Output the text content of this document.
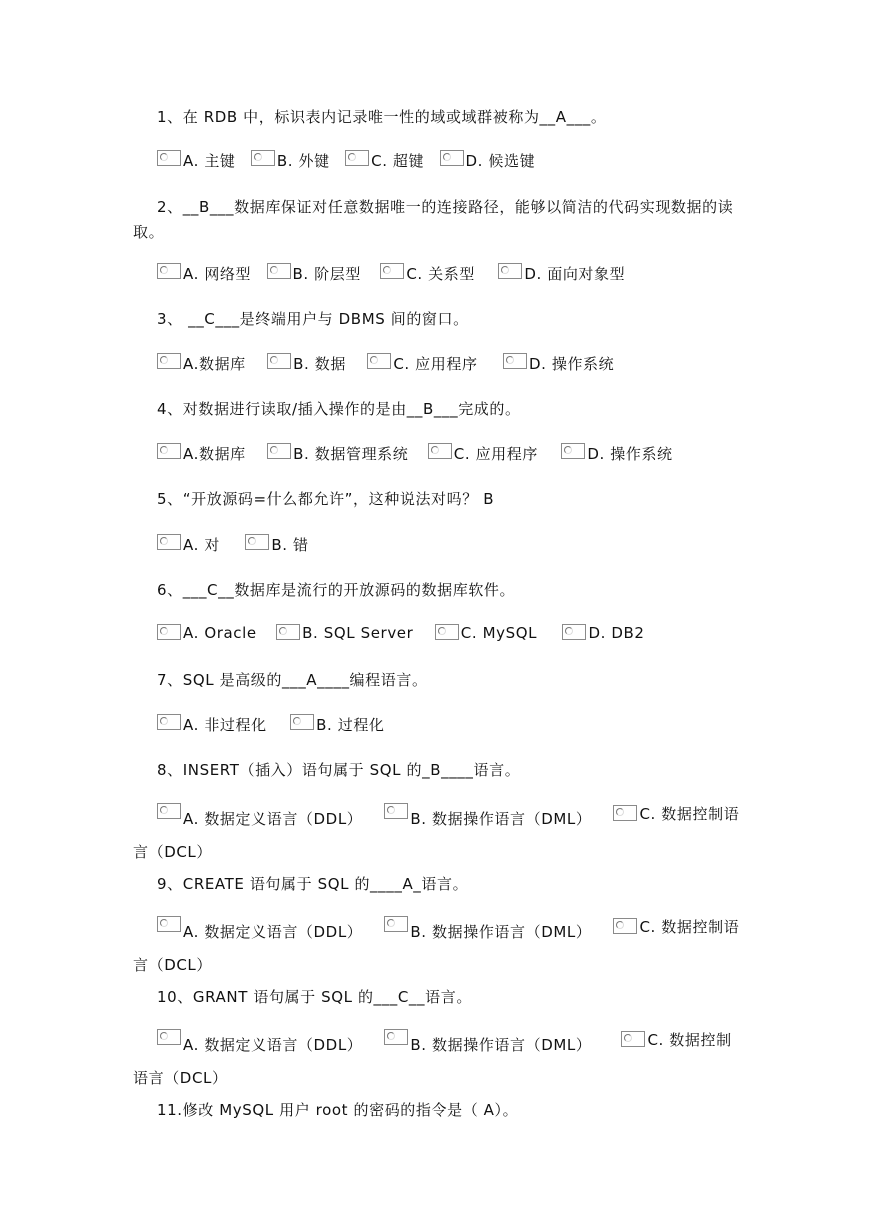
1、在 RDB 中，标识表内记录唯一性的域或域群被称为__A___。
A. 主键
	B. 外键
	C. 超键
	D. 候选键
2、__B___数据库保证对任意数据唯一的连接路径，能够以简洁的代码实现数据的读取。
A. 网络型
	B. 阶层型
	C. 关系型
	D. 面向对象型
3、 __C___是终端用户与 DBMS 间的窗口。
A.数据库
	B. 数据
	C. 应用程序
	D. 操作系统
4、对数据进行读取/插入操作的是由__B___完成的。
A.数据库
	B. 数据管理系统
	C. 应用程序
	D. 操作系统
5、“开放源码=什么都允许”，这种说法对吗？ B
A. 对
	B. 错
6、___C__数据库是流行的开放源码的数据库软件。
A. Oracle
	B. SQL Server
	C. MySQL
	D. DB2
7、SQL 是高级的___A____编程语言。
A. 非过程化
	B. 过程化
8、INSERT（插入）语句属于 SQL 的_B____语言。
A. 数据定义语言（DDL）	B. 数据操作语言（DML）	C. 数据控制语言（DCL）
9、CREATE 语句属于 SQL 的____A_语言。
A. 数据定义语言（DDL）	B. 数据操作语言（DML）	C. 数据控制语言（DCL）
10、GRANT 语句属于 SQL 的___C__语言。
A. 数据定义语言（DDL）	B. 数据操作语言（DML）	C. 数据控制语言（DCL）
11.修改 MySQL 用户 root 的密码的指令是（ A）。
